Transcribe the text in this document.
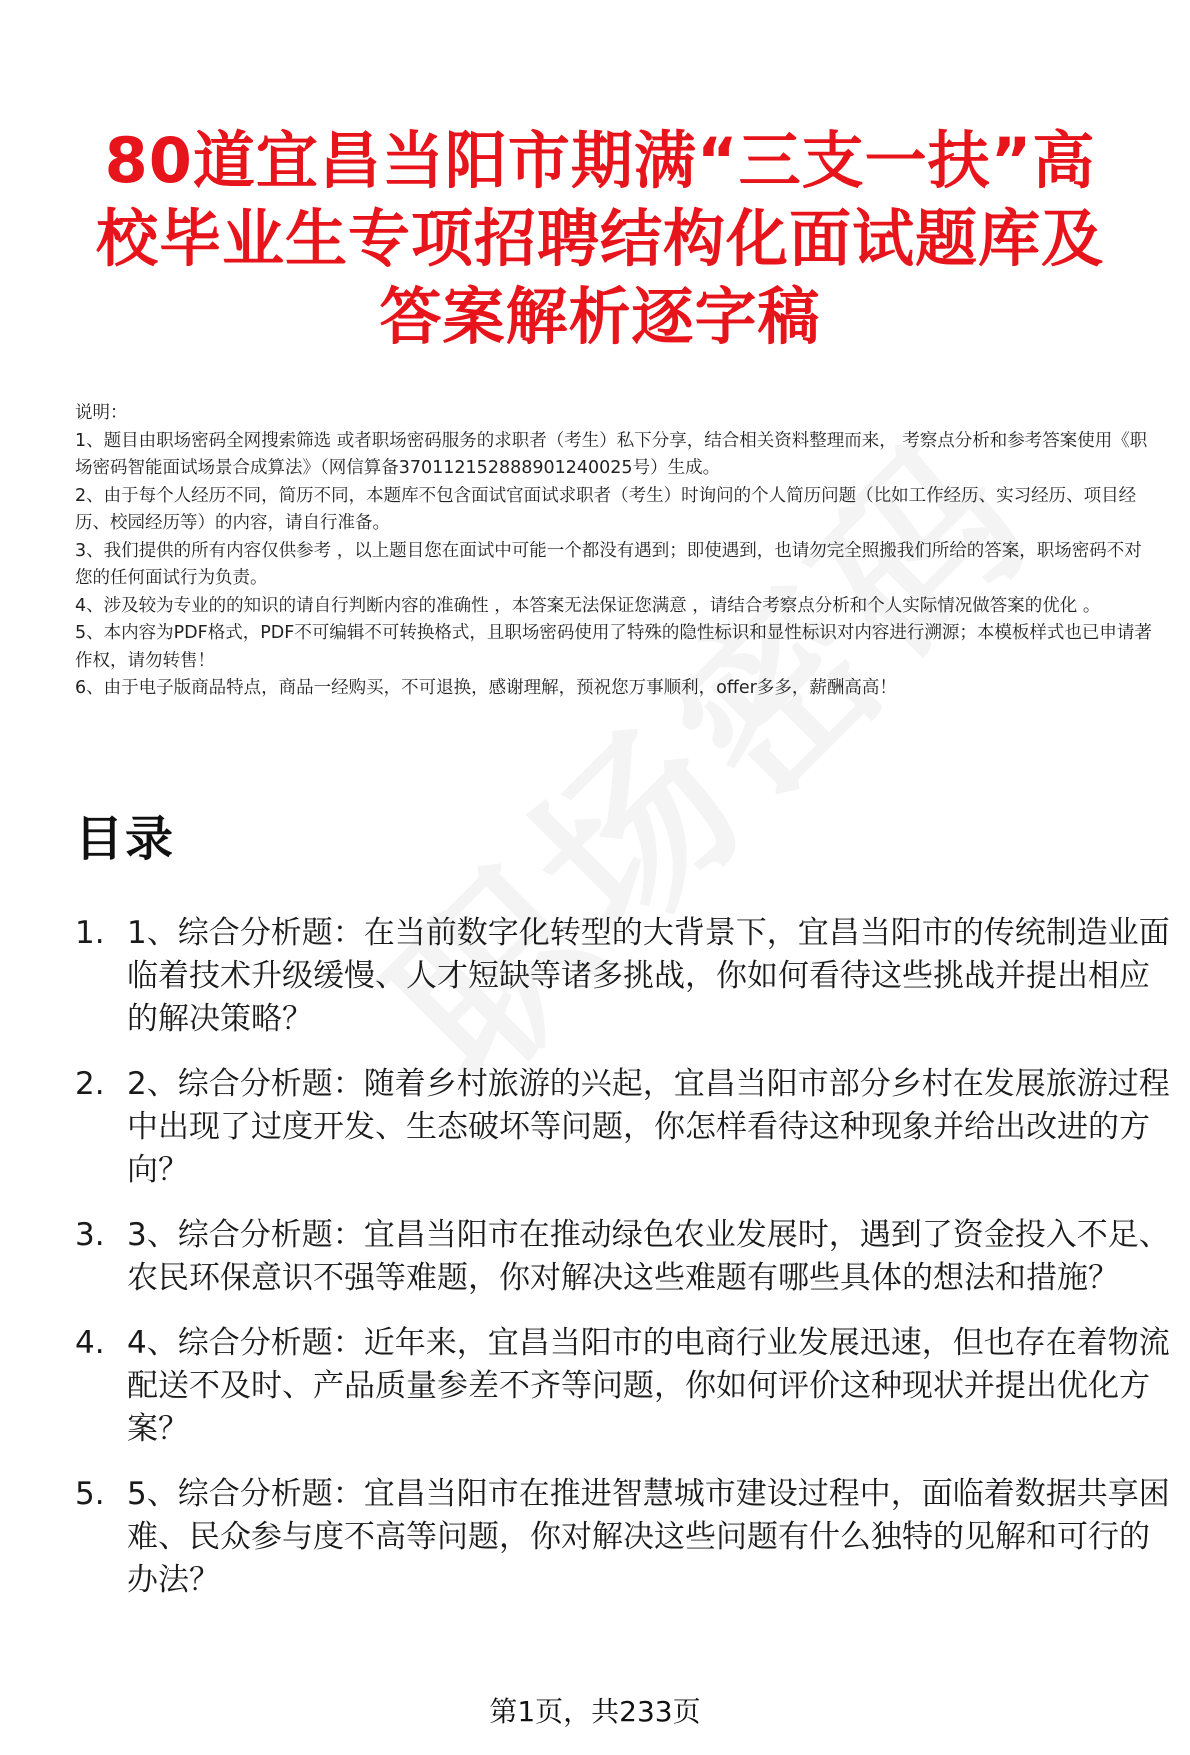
80道宜昌当阳市期满“三支一扶”高校毕业生专项招聘结构化面试题库及答案解析逐字稿

说明：

1、题目由职场密码全网搜索筛选 或者职场密码服务的求职者（考生）私下分享，结合相关资料整理而来， 考察点分析和参考答案使用《职场密码智能面试场景合成算法》（网信算备370112152888901240025号）生成。

2、由于每个人经历不同，简历不同，本题库不包含面试官面试求职者（考生）时询问的个人简历问题（比如工作经历、实习经历、项目经历、校园经历等）的内容，请自行准备。

3、我们提供的所有内容仅供参考 ，以上题目您在面试中可能一个都没有遇到；即使遇到，也请勿完全照搬我们所给的答案，职场密码不对您的任何面试行为负责。

4、涉及较为专业的的知识的请自行判断内容的准确性 ，本答案无法保证您满意 ，请结合考察点分析和个人实际情况做答案的优化 。

5、本内容为PDF格式，PDF不可编辑不可转换格式，且职场密码使用了特殊的隐性标识和显性标识对内容进行溯源；本模板样式也已申请著作权，请勿转售！

6、由于电子版商品特点，商品一经购买，不可退换，感谢理解，预祝您万事顺利，offer多多，薪酬高高！

目录
1. 1、综合分析题：在当前数字化转型的大背景下，宜昌当阳市的传统制造业面临着技术升级缓慢、人才短缺等诸多挑战，你如何看待这些挑战并提出相应的解决策略？
2. 2、综合分析题：随着乡村旅游的兴起，宜昌当阳市部分乡村在发展旅游过程中出现了过度开发、生态破坏等问题，你怎样看待这种现象并给出改进的方向？
3. 3、综合分析题：宜昌当阳市在推动绿色农业发展时，遇到了资金投入不足、农民环保意识不强等难题，你对解决这些难题有哪些具体的想法和措施？
4. 4、综合分析题：近年来，宜昌当阳市的电商行业发展迅速，但也存在着物流配送不及时、产品质量参差不齐等问题，你如何评价这种现状并提出优化方案？
5. 5、综合分析题：宜昌当阳市在推进智慧城市建设过程中，面临着数据共享困难、民众参与度不高等问题，你对解决这些问题有什么独特的见解和可行的办法？
第1页，共233页
